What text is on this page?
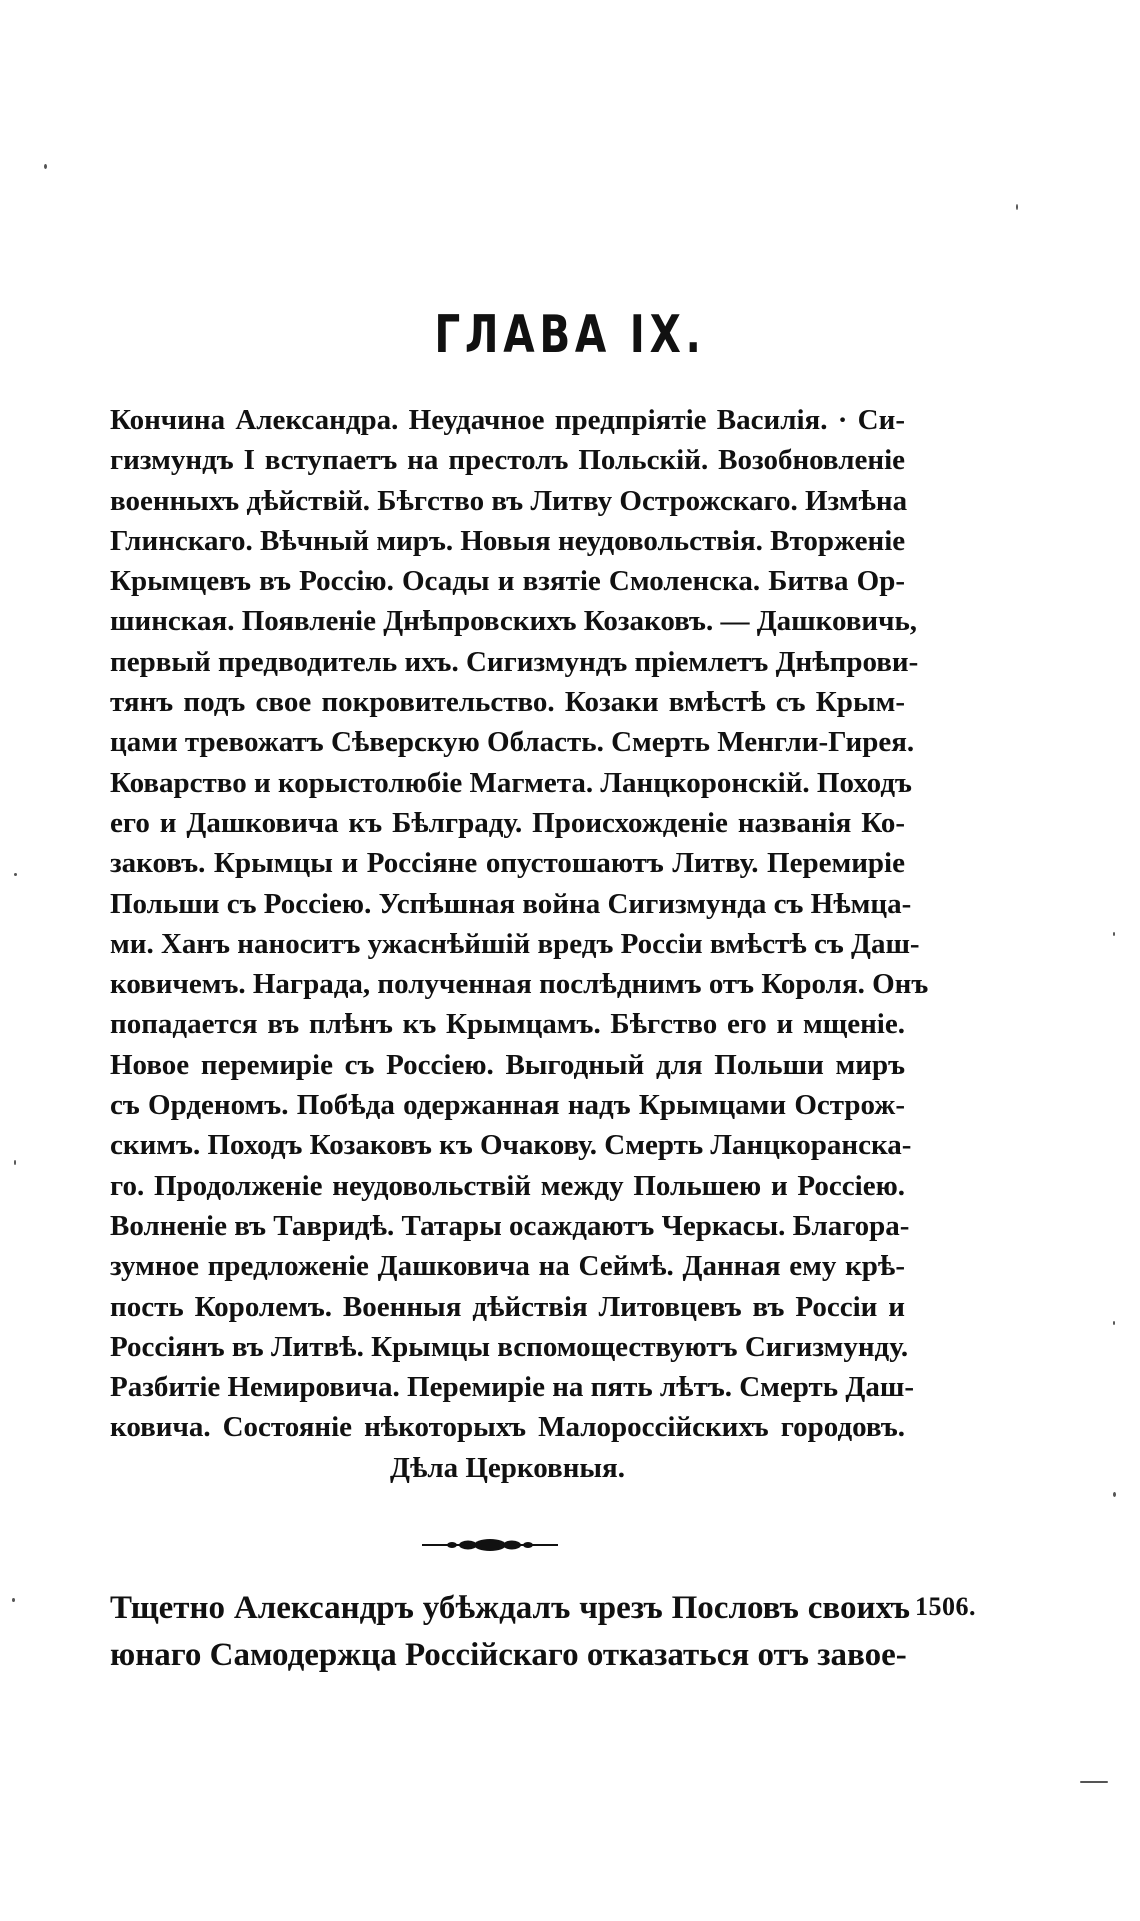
ГЛАВА IX.
Кончина Александра. Неудачное предпріятіе Василія. · Си-
гизмундъ I вступаетъ на престолъ Польскій. Возобновленіе
военныхъ дѣйствій. Бѣгство въ Литву Острожскаго. Измѣна
Глинскаго. Вѣчный миръ. Новыя неудовольствія. Вторженіе
Крымцевъ въ Россію. Осады и взятіе Смоленска. Битва Ор-
шинская. Появленіе Днѣпровскихъ Козаковъ. — Дашковичь,
первый предводитель ихъ. Сигизмундъ пріемлетъ Днѣпрови-
тянъ подъ свое покровительство. Козаки вмѣстѣ съ Крым-
цами тревожатъ Сѣверскую Область. Смерть Менгли-Гирея.
Коварство и корыстолюбіе Магмета. Ланцкоронскій. Походъ
его и Дашковича къ Бѣлграду. Происхожденіе названія Ко-
заковъ. Крымцы и Россіяне опустошаютъ Литву. Перемиріе
Польши съ Россіею. Успѣшная война Сигизмунда съ Нѣмца-
ми. Ханъ наноситъ ужаснѣйшій вредъ Россіи вмѣстѣ съ Даш-
ковичемъ. Награда, полученная послѣднимъ отъ Короля. Онъ
попадается въ плѣнъ къ Крымцамъ. Бѣгство его и мщеніе.
Новое перемиріе съ Россіею. Выгодный для Польши миръ
съ Орденомъ. Побѣда одержанная надъ Крымцами Острож-
скимъ. Походъ Козаковъ къ Очакову. Смерть Ланцкоранска-
го. Продолженіе неудовольствій между Польшею и Россіею.
Волненіе въ Тавридѣ. Татары осаждаютъ Черкасы. Благора-
зумное предложеніе Дашковича на Сеймѣ. Данная ему крѣ-
пость Королемъ. Военныя дѣйствія Литовцевъ въ Россіи и
Россіянъ въ Литвѣ. Крымцы вспомоществуютъ Сигизмунду.
Разбитіе Немировича. Перемиріе на пять лѣтъ. Смерть Даш-
ковича. Состояніе нѣкоторыхъ Малороссійскихъ городовъ.
Дѣла Церковныя.
Тщетно Александръ убѣждалъ чрезъ Пословъ своихъ
юнаго Самодержца Россійскаго отказаться отъ завое-
1506.
